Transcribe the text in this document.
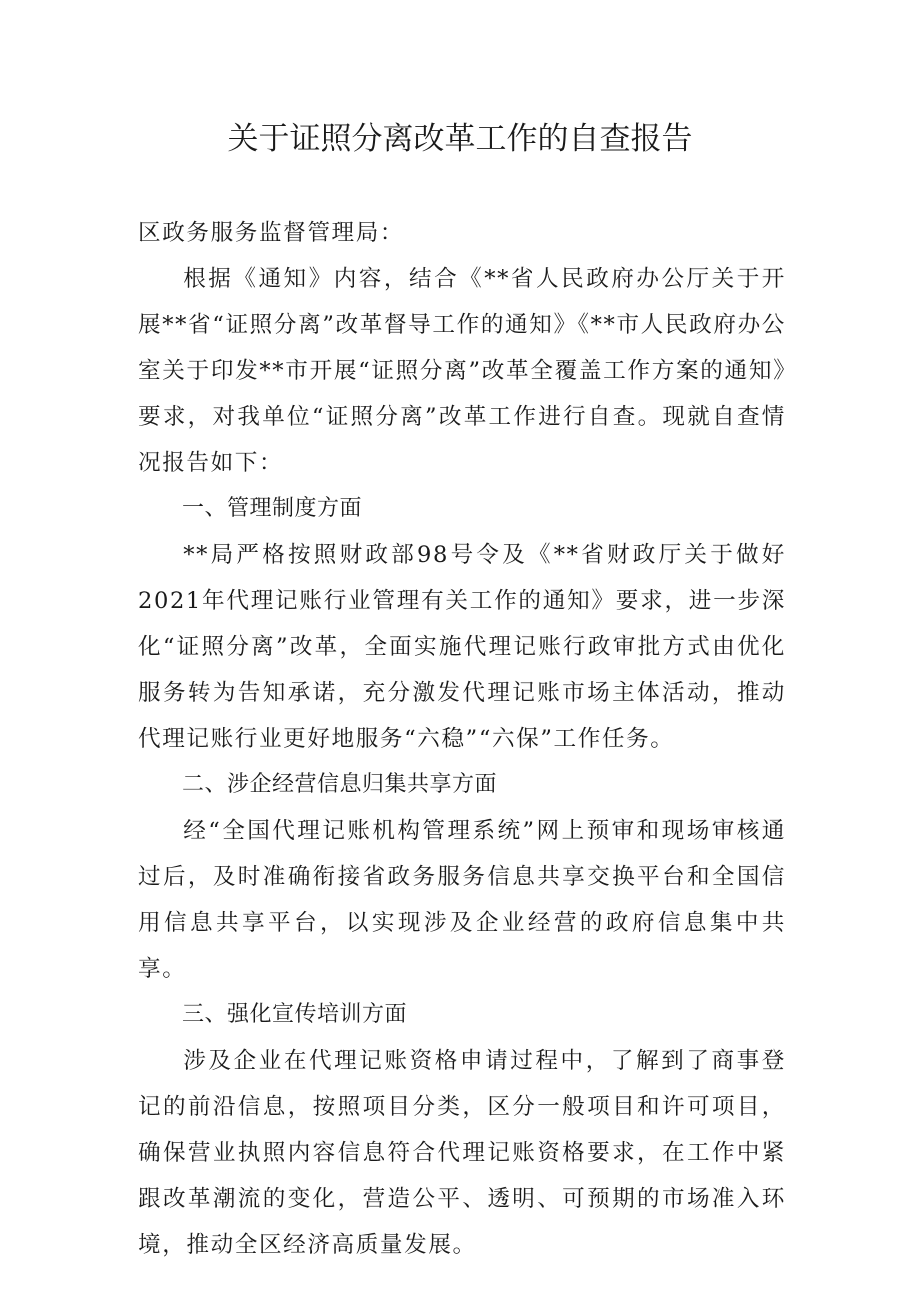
关于证照分离改革工作的自查报告

区政务服务监督管理局：

根据《通知》内容，结合《**省人民政府办公厅关于开展**省“证照分离”改革督导工作的通知》《**市人民政府办公室关于印发**市开展“证照分离”改革全覆盖工作方案的通知》要求，对我单位“证照分离”改革工作进行自查。现就自查情况报告如下：

一、管理制度方面

**局严格按照财政部98号令及《**省财政厅关于做好2021年代理记账行业管理有关工作的通知》要求，进一步深化“证照分离”改革，全面实施代理记账行政审批方式由优化服务转为告知承诺，充分激发代理记账市场主体活动，推动代理记账行业更好地服务“六稳”“六保”工作任务。

二、涉企经营信息归集共享方面

经“全国代理记账机构管理系统”网上预审和现场审核通过后，及时准确衔接省政务服务信息共享交换平台和全国信用信息共享平台，以实现涉及企业经营的政府信息集中共享。

三、强化宣传培训方面

涉及企业在代理记账资格申请过程中，了解到了商事登记的前沿信息，按照项目分类，区分一般项目和许可项目，确保营业执照内容信息符合代理记账资格要求，在工作中紧跟改革潮流的变化，营造公平、透明、可预期的市场准入环境，推动全区经济高质量发展。
